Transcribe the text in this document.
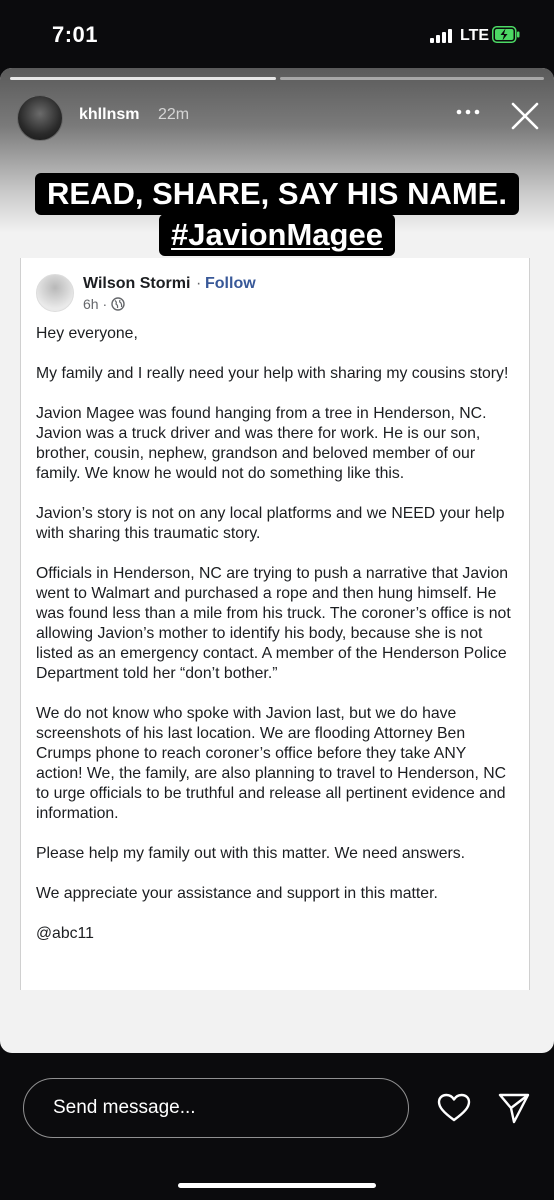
7:01	LTE
khllnsm 22m
READ, SHARE, SAY HIS NAME.
#JavionMagee
Wilson Stormi · Follow
6h ·

Hey everyone,

My family and I really need your help with sharing my cousins story!

Javion Magee was found hanging from a tree in Henderson, NC. Javion was a truck driver and was there for work. He is our son, brother, cousin, nephew, grandson and beloved member of our family. We know he would not do something like this.

Javion’s story is not on any local platforms and we NEED your help with sharing this traumatic story.

Officials in Henderson, NC are trying to push a narrative that Javion went to Walmart and purchased a rope and then hung himself. He was found less than a mile from his truck. The coroner’s office is not allowing Javion’s mother to identify his body, because she is not listed as an emergency contact. A member of the Henderson Police Department told her “don’t bother.”

We do not know who spoke with Javion last, but we do have screenshots of his last location. We are flooding Attorney Ben Crumps phone to reach coroner’s office before they take ANY action! We, the family, are also planning to travel to Henderson, NC to urge officials to be truthful and release all pertinent evidence and information.

Please help my family out with this matter. We need answers.

We appreciate your assistance and support in this matter.

@abc11

Send message...
